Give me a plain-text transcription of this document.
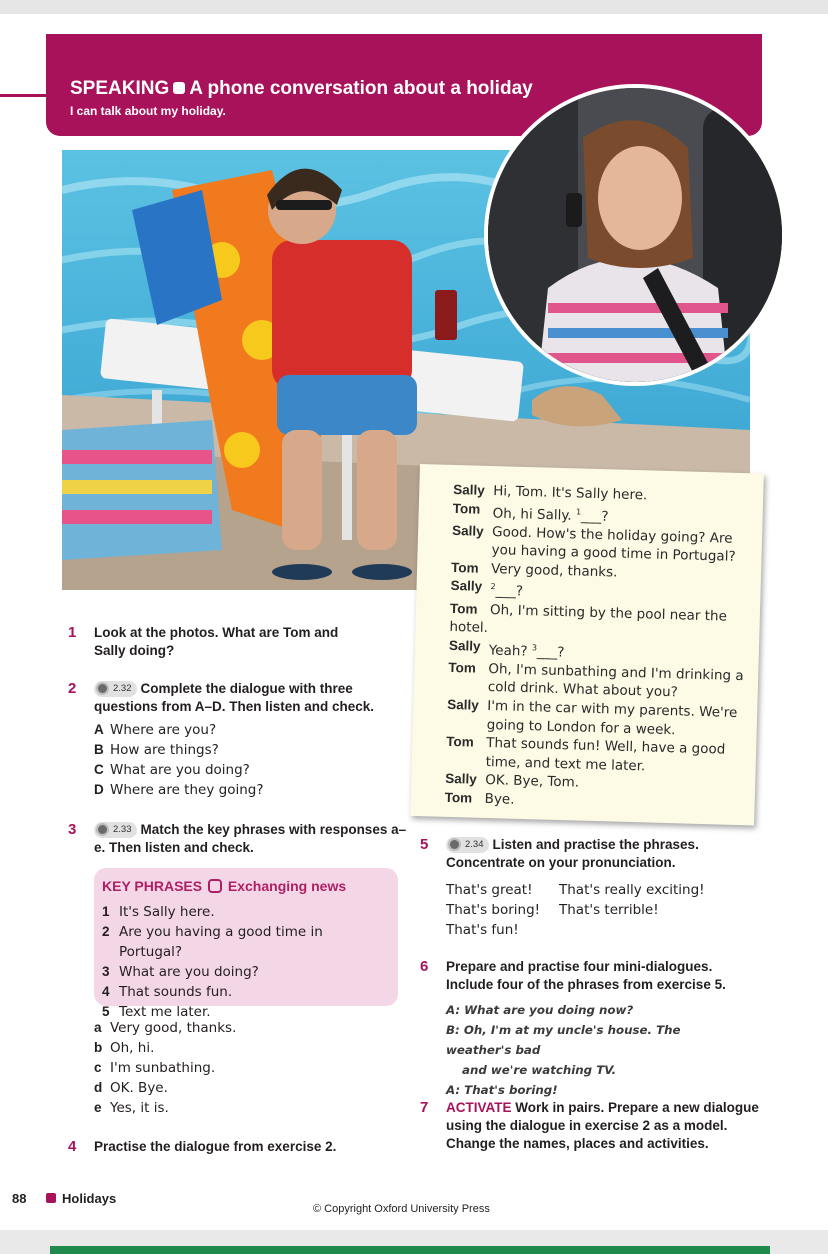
SPEAKING A phone conversation about a holiday
I can talk about my holiday.
Sally Hi, Tom. It's Sally here.
Tom Oh, hi Sally. $^1$___?
Sally Good. How's the holiday going? Are you having a good time in Portugal?
Tom Very good, thanks.
Sally	$^2$___?
Tom Oh, I'm sitting by the pool near the
hotel.
Sally Yeah? $^3$___?
Tom Oh, I'm sunbathing and I'm drinking a cold drink. What about you?
Sally I'm in the car with my parents. We're going to London for a week.
Tom That sounds fun! Well, have a good time, and text me later.
Sally OK. Bye, Tom.
Tom Bye.
1	Look at the photos. What are Tom and Sally doing?
2	2.32 Complete the dialogue with three questions from A–D. Then listen and check.
A Where are you?
B How are things?
C What are you doing?
D Where are they going?
3	2.33 Match the key phrases with responses a–e. Then listen and check.
KEY PHRASES Exchanging news
1 It's Sally here.
2 Are you having a good time in Portugal?
3 What are you doing?
4 That sounds fun.
5 Text me later.
a Very good, thanks.
b Oh, hi.
c I'm sunbathing.
d OK. Bye.
e Yes, it is.
4	Practise the dialogue from exercise 2.
5	2.34 Listen and practise the phrases. Concentrate on your pronunciation.
That's great!	That's really exciting!
That's boring!	That's terrible!
That's fun!
6	Prepare and practise four mini-dialogues. Include four of the phrases from exercise 5.
A: What are you doing now?
B: Oh, I'm at my uncle's house. The weather's bad
and we're watching TV.
A: That's boring!
7	ACTIVATE Work in pairs. Prepare a new dialogue using the dialogue in exercise 2 as a model. Change the names, places and activities.
88	Holidays
© Copyright Oxford University Press
